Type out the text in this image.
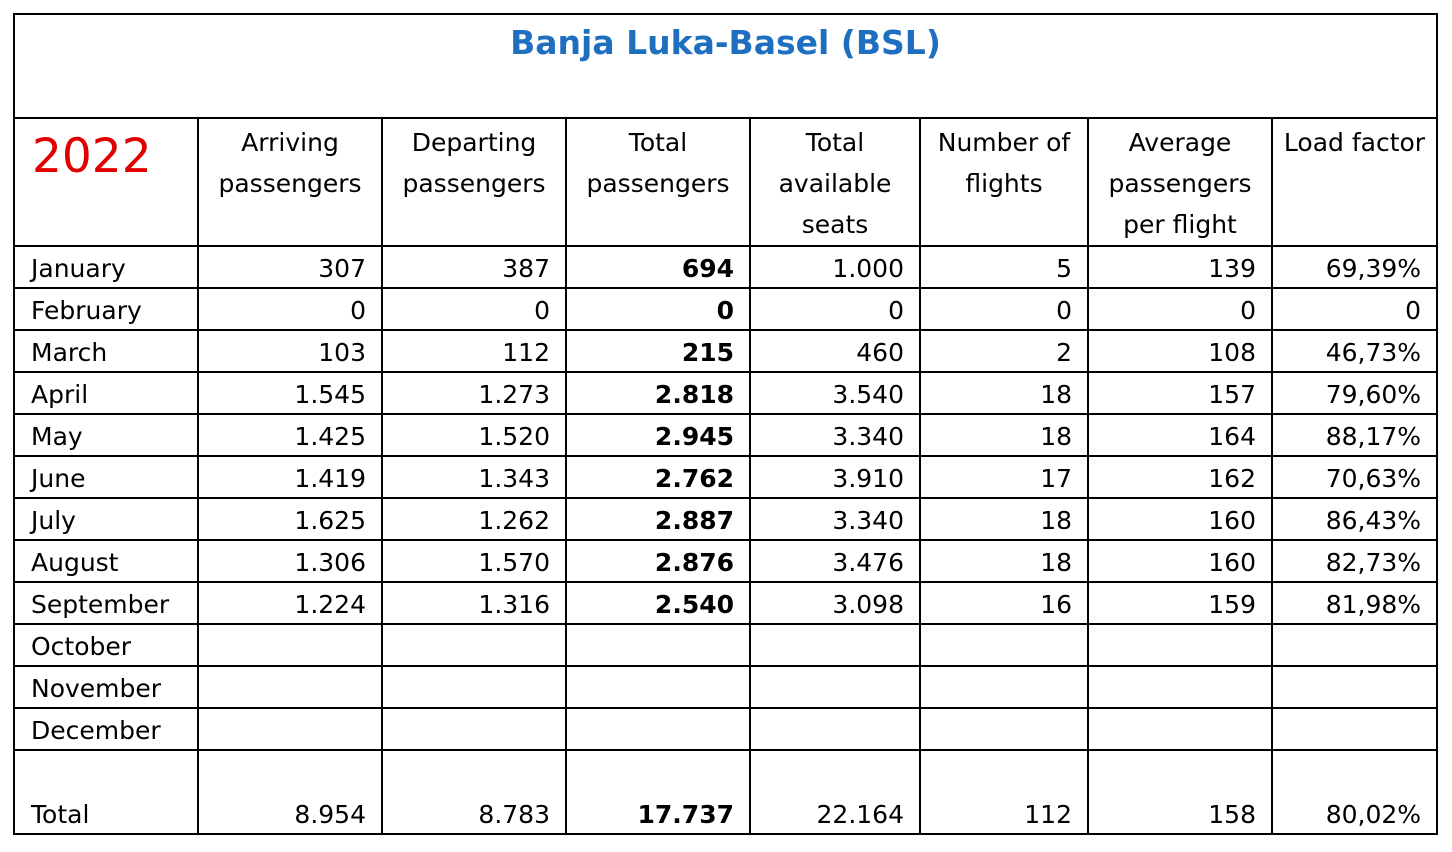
Banja Luka-Basel (BSL)							
2022	Arriving passengers	Departing passengers	Total passengers	Total available seats	Number of flights	Average passengers per flight	Load factor
January	307	387	694	1.000	5	139	69,39%
February	0	0	0	0	0	0	0
March	103	112	215	460	2	108	46,73%
April	1.545	1.273	2.818	3.540	18	157	79,60%
May	1.425	1.520	2.945	3.340	18	164	88,17%
June	1.419	1.343	2.762	3.910	17	162	70,63%
July	1.625	1.262	2.887	3.340	18	160	86,43%
August	1.306	1.570	2.876	3.476	18	160	82,73%
September	1.224	1.316	2.540	3.098	16	159	81,98%
October							
November							
December							
Total	8.954	8.783	17.737	22.164	112	158	80,02%
